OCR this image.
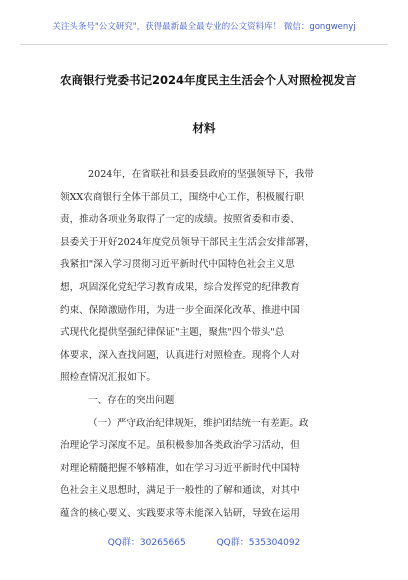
关注头条号"公文研究"，获得最新最全最专业的公文资料库！ 微信：gongwenyj
农商银行党委书记2024年度民主生活会个人对照检视发言
材料
2024年，在省联社和县委县政府的坚强领导下，我带
领XX农商银行全体干部员工，围绕中心工作，积极履行职
责，推动各项业务取得了一定的成绩。按照省委和市委、
县委关于开好2024年度党员领导干部民主生活会安排部署，
我紧扣"深入学习贯彻习近平新时代中国特色社会主义思
想，巩固深化党纪学习教育成果，综合发挥党的纪律教育
约束、保障激励作用，为进一步全面深化改革、推进中国
式现代化提供坚强纪律保证"主题，聚焦"四个带头"总
体要求，深入查找问题，认真进行对照检查。现将个人对
照检查情况汇报如下。
一、存在的突出问题
（一）严守政治纪律规矩，维护团结统一有差距。政
治理论学习深度不足。虽积极参加各类政治学习活动，但
对理论精髓把握不够精准，如在学习习近平新时代中国特
色社会主义思想时，满足于一般性的了解和通读，对其中
蕴含的核心要义、实践要求等未能深入钻研，导致在运用
QQ群：30265665	QQ群：535304092
